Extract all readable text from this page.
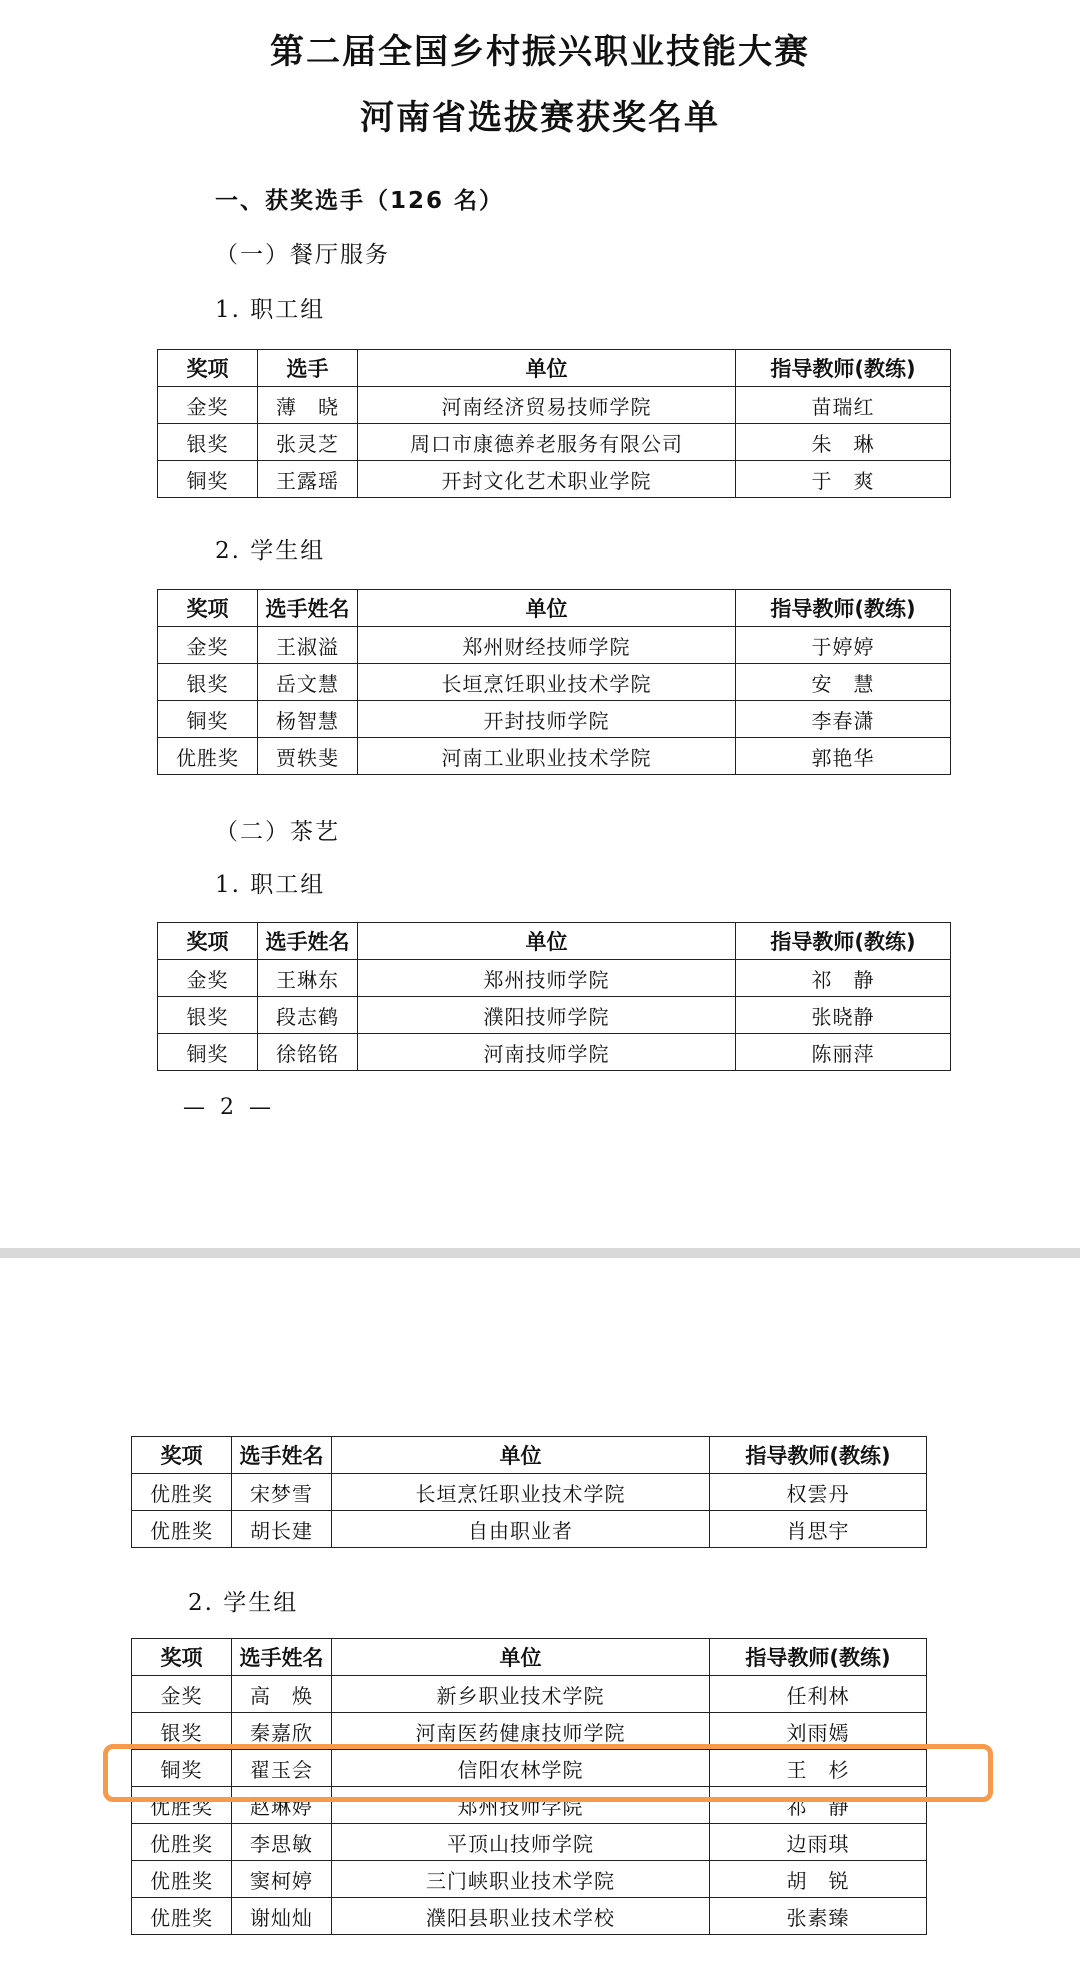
第二届全国乡村振兴职业技能大赛
河南省选拔赛获奖名单
一、获奖选手（126 名）
（一）餐厅服务
1. 职工组
奖项	选手	单位	指导教师(教练)
金奖	薄　晓	河南经济贸易技师学院	苗瑞红
银奖	张灵芝	周口市康德养老服务有限公司	朱　琳
铜奖	王露瑶	开封文化艺术职业学院	于　爽
2. 学生组
奖项	选手姓名	单位	指导教师(教练)
金奖	王淑溢	郑州财经技师学院	于婷婷
银奖	岳文慧	长垣烹饪职业技术学院	安　慧
铜奖	杨智慧	开封技师学院	李春潇
优胜奖	贾轶斐	河南工业职业技术学院	郭艳华
（二）茶艺
1. 职工组
奖项	选手姓名	单位	指导教师(教练)
金奖	王琳东	郑州技师学院	祁　静
银奖	段志鹤	濮阳技师学院	张晓静
铜奖	徐铭铭	河南技师学院	陈丽萍
— 2 —
奖项	选手姓名	单位	指导教师(教练)
优胜奖	宋梦雪	长垣烹饪职业技术学院	权雲丹
优胜奖	胡长建	自由职业者	肖思宇
2. 学生组
奖项	选手姓名	单位	指导教师(教练)
金奖	高　焕	新乡职业技术学院	任利林
银奖	秦嘉欣	河南医药健康技师学院	刘雨嫣
铜奖	翟玉会	信阳农林学院	王　杉
优胜奖	赵琳婷	郑州技师学院	祁　静
优胜奖	李思敏	平顶山技师学院	边雨琪
优胜奖	窦柯婷	三门峡职业技术学院	胡　锐
优胜奖	谢灿灿	濮阳县职业技术学校	张素臻
